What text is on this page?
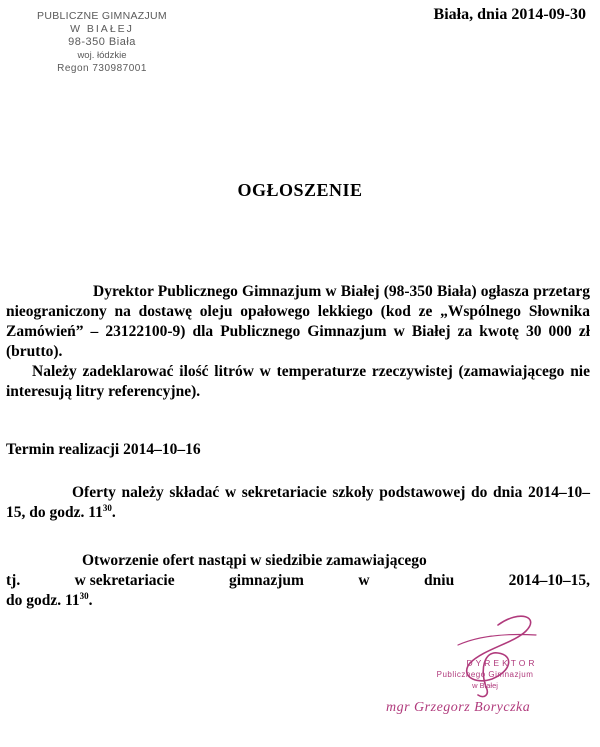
PUBLICZNE GIMNAZJUM
W BIAŁEJ
98-350 Biała
woj. łódzkie
Regon 730987001
Biała, dnia 2014-09-30
OGŁOSZENIE

Dyrektor Publicznego Gimnazjum w Białej (98-350 Biała) ogłasza przetarg nieograniczony na dostawę oleju opałowego lekkiego (kod ze „Wspólnego Słownika Zamówień” – 23122100-9) dla Publicznego Gimnazjum w Białej za kwotę 30 000 zł (brutto).

Należy zadeklarować ilość litrów w temperaturze rzeczywistej (zamawiającego nie interesują litry referencyjne).

Termin realizacji 2014–10–16

Oferty należy składać w sekretariacie szkoły podstawowej do dnia 2014–10–15, do godz. $11^{30}$.

Otworzenie ofert nastąpi w siedzibie zamawiającego

tj.	w sekretariacie	gimnazjum	w	dniu	2014–10–15,
do godz. $11^{30}$.
DYREKTOR
Publicznego Gimnazjum
w Białej
mgr Grzegorz Boryczka
